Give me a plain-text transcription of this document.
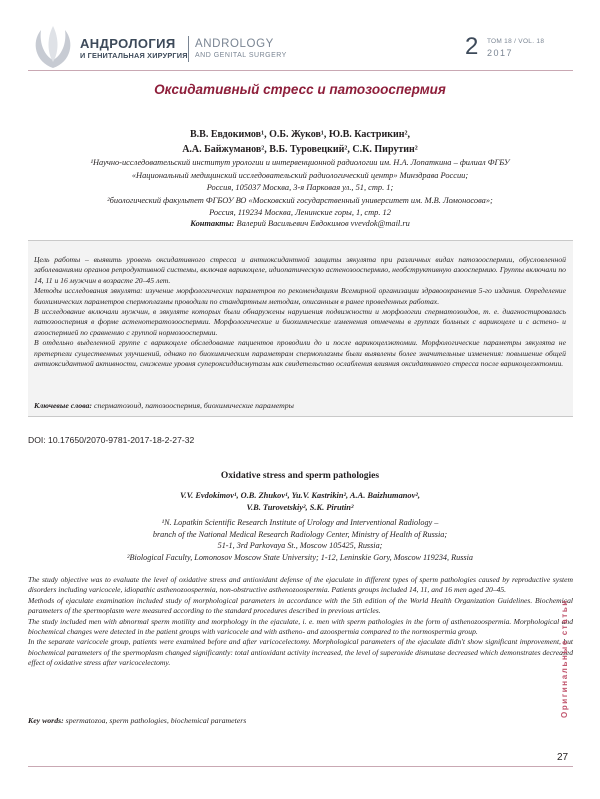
АНДРОЛОГИЯ
И ГЕНИТАЛЬНАЯ ХИРУРГИЯ
ANDROLOGY
AND GENITAL SURGERY	2 ТОМ 18 / VOL. 18
2017
Оксидативный стресс и патозооспермия
В.В. Евдокимов¹, О.Б. Жуков¹, Ю.В. Кастрикин²,
А.А. Байжуманов², В.Б. Туровецкий², С.К. Пирутин²
¹Научно-исследовательский институт урологии и интервенционной радиологии им. Н.А. Лопаткина – филиал ФГБУ
«Национальный медицинский исследовательский радиологический центр» Минздрава России;
Россия, 105037 Москва, 3-я Парковая ул., 51, стр. 1;
²биологический факультет ФГБОУ ВО «Московский государственный университет им. М.В. Ломоносова»;
Россия, 119234 Москва, Ленинские горы, 1, стр. 12
Контакты: Валерий Васильевич Евдокимов vvevdok@mail.ru

Цель работы – выявить уровень оксидативного стресса и антиоксидантной защиты эякулята при различных видах патозооспермии, обусловленной заболеваниями органов репродуктивной системы, включая варикоцеле, идиопатическую астенозооспермию, необструктивную азооспермию. Группы включали по 14, 11 и 16 мужчин в возрасте 20–45 лет.

Методы исследования эякулята: изучение морфологических параметров по рекомендациям Всемирной организации здравоохранения 5-го издания. Определение биохимических параметров спермоплазмы проводили по стандартным методам, описанным в ранее проведенных работах.

В исследование включали мужчин, в эякуляте которых были обнаружены нарушения подвижности и морфологии сперматозоидов, т. е. диагностировалась патозооспермия в форме астенотератозооспермии. Морфологические и биохимические изменения отмечены в группах больных с варикоцеле и с астено- и азооспермией по сравнению с группой нормозооспермии.

В отдельно выделенной группе с варикоцеле обследование пациентов проводили до и после варикоцелэктомии. Морфологические параметры эякулята не претерпели существенных улучшений, однако по биохимическим параметрам спермоплазмы были выявлены более значительные изменения: повышение общей антиоксидантной активности, снижение уровня супероксиддисмутазы как свидетельство ослабления влияния оксидативного стресса после варикоцелэктомии.

Ключевые слова: сперматозоид, патозооспермия, биохимические параметры
DOI: 10.17650/2070-9781-2017-18-2-27-32
Oxidative stress and sperm pathologies
V.V. Evdokimov¹, O.B. Zhukov¹, Yu.V. Kastrikin², A.A. Baizhumanov²,
V.B. Turovetskiy², S.K. Pirutin²
¹N. Lopatkin Scientific Research Institute of Urology and Interventional Radiology –
branch of the National Medical Research Radiology Center, Ministry of Health of Russia;
51-1, 3rd Parkovaya St., Moscow 105425, Russia;
²Biological Faculty, Lomonosov Moscow State University; 1-12, Leninskie Gory, Moscow 119234, Russia

The study objective was to evaluate the level of oxidative stress and antioxidant defense of the ejaculate in different types of sperm pathologies caused by reproductive system disorders including varicocele, idiopathic asthenozoospermia, non-obstructive asthenozoospermia. Patients groups included 14, 11, and 16 men aged 20–45.

Methods of ejaculate examination included study of morphological parameters in accordance with the 5th edition of the World Health Organization Guidelines. Biochemical parameters of the spermoplasm were measured according to the standard procedures described in previous articles.

The study included men with abnormal sperm motility and morphology in the ejaculate, i. e. men with sperm pathologies in the form of asthenozoospermia. Morphological and biochemical changes were detected in the patient groups with varicocele and with astheno- and azoospermia compared to the normospermia group.

In the separate varicocele group, patients were examined before and after varicocelectomy. Morphological parameters of the ejaculate didn't show significant improvement, but biochemical parameters of the spermoplasm changed significantly: total antioxidant activity increased, the level of superoxide dismutase decreased which demonstrates decreased effect of oxidative stress after varicocelectomy.

Key words: spermatozoa, sperm pathologies, biochemical parameters
Оригинальные статьи
27
